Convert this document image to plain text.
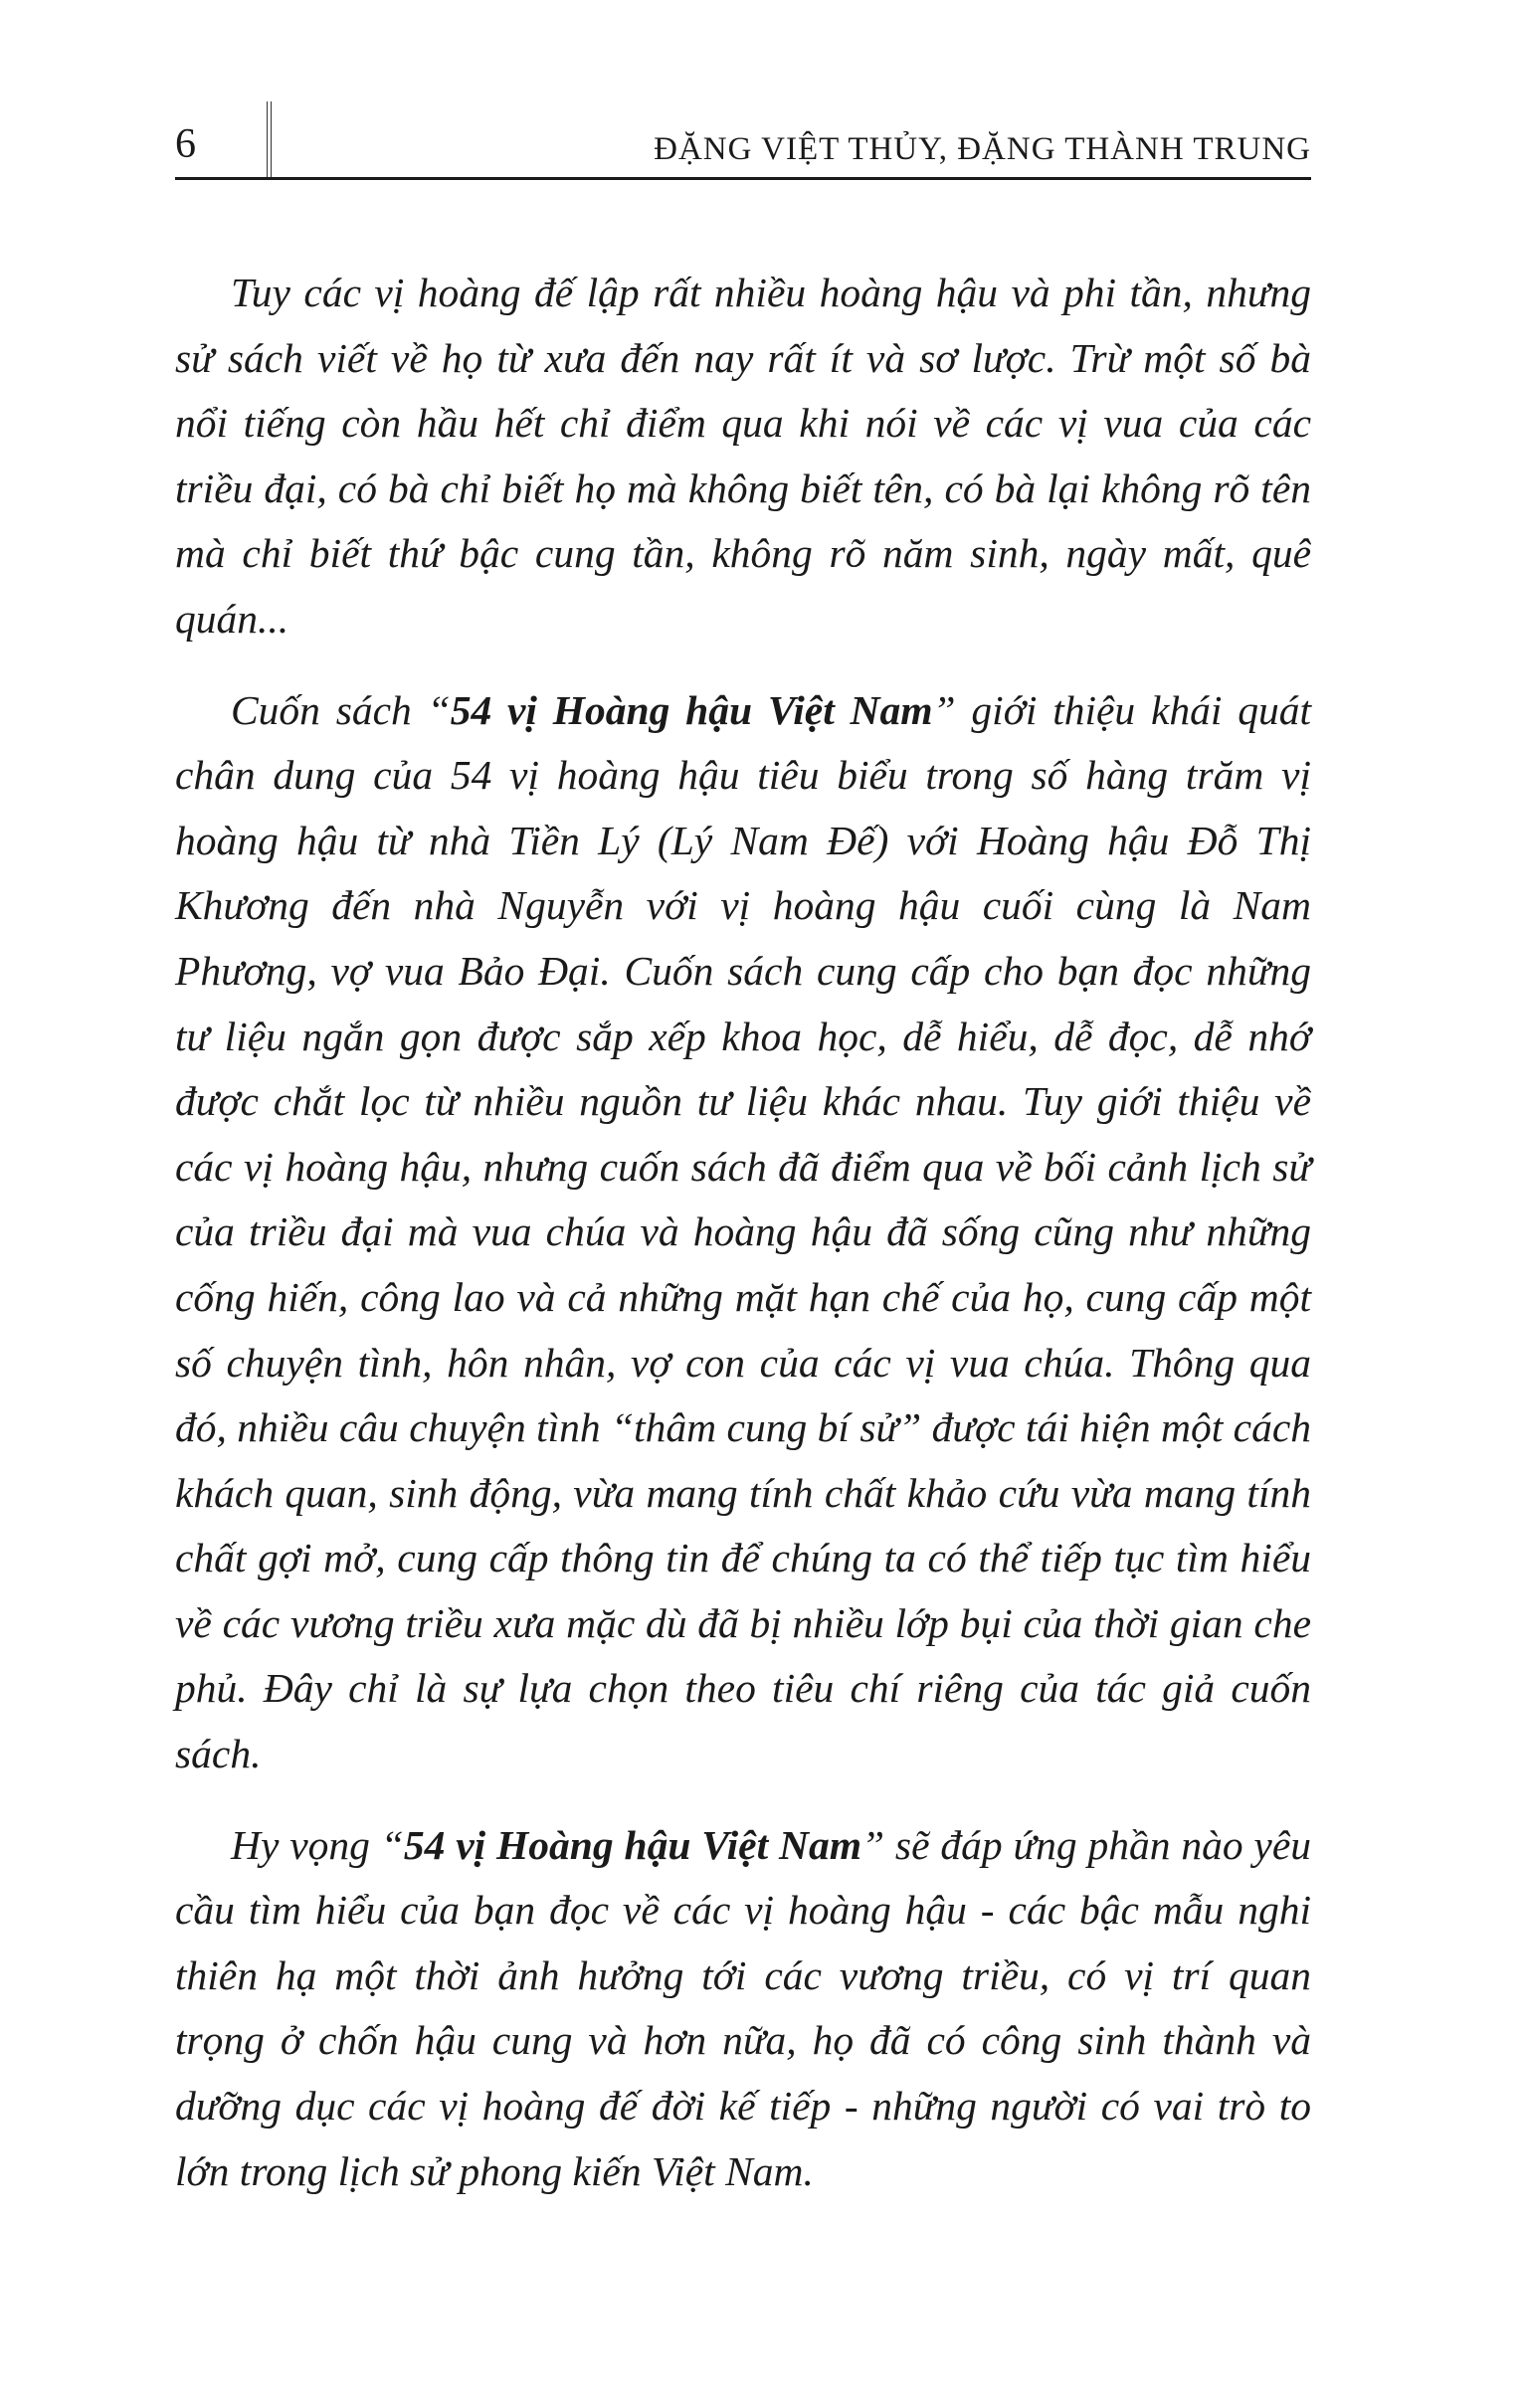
6	ĐẶNG VIỆT THỦY, ĐẶNG THÀNH TRUNG

Tuy các vị hoàng đế lập rất nhiều hoàng hậu và phi tần, nhưng sử sách viết về họ từ xưa đến nay rất ít và sơ lược. Trừ một số bà nổi tiếng còn hầu hết chỉ điểm qua khi nói về các vị vua của các triều đại, có bà chỉ biết họ mà không biết tên, có bà lại không rõ tên mà chỉ biết thứ bậc cung tần, không rõ năm sinh, ngày mất, quê quán...

Cuốn sách “54 vị Hoàng hậu Việt Nam” giới thiệu khái quát chân dung của 54 vị hoàng hậu tiêu biểu trong số hàng trăm vị hoàng hậu từ nhà Tiền Lý (Lý Nam Đế) với Hoàng hậu Đỗ Thị Khương đến nhà Nguyễn với vị hoàng hậu cuối cùng là Nam Phương, vợ vua Bảo Đại. Cuốn sách cung cấp cho bạn đọc những tư liệu ngắn gọn được sắp xếp khoa học, dễ hiểu, dễ đọc, dễ nhớ được chắt lọc từ nhiều nguồn tư liệu khác nhau. Tuy giới thiệu về các vị hoàng hậu, nhưng cuốn sách đã điểm qua về bối cảnh lịch sử của triều đại mà vua chúa và hoàng hậu đã sống cũng như những cống hiến, công lao và cả những mặt hạn chế của họ, cung cấp một số chuyện tình, hôn nhân, vợ con của các vị vua chúa. Thông qua đó, nhiều câu chuyện tình “thâm cung bí sử” được tái hiện một cách khách quan, sinh động, vừa mang tính chất khảo cứu vừa mang tính chất gợi mở, cung cấp thông tin để chúng ta có thể tiếp tục tìm hiểu về các vương triều xưa mặc dù đã bị nhiều lớp bụi của thời gian che phủ. Đây chỉ là sự lựa chọn theo tiêu chí riêng của tác giả cuốn sách.

Hy vọng “54 vị Hoàng hậu Việt Nam” sẽ đáp ứng phần nào yêu cầu tìm hiểu của bạn đọc về các vị hoàng hậu - các bậc mẫu nghi thiên hạ một thời ảnh hưởng tới các vương triều, có vị trí quan trọng ở chốn hậu cung và hơn nữa, họ đã có công sinh thành và dưỡng dục các vị hoàng đế đời kế tiếp - những người có vai trò to lớn trong lịch sử phong kiến Việt Nam.
